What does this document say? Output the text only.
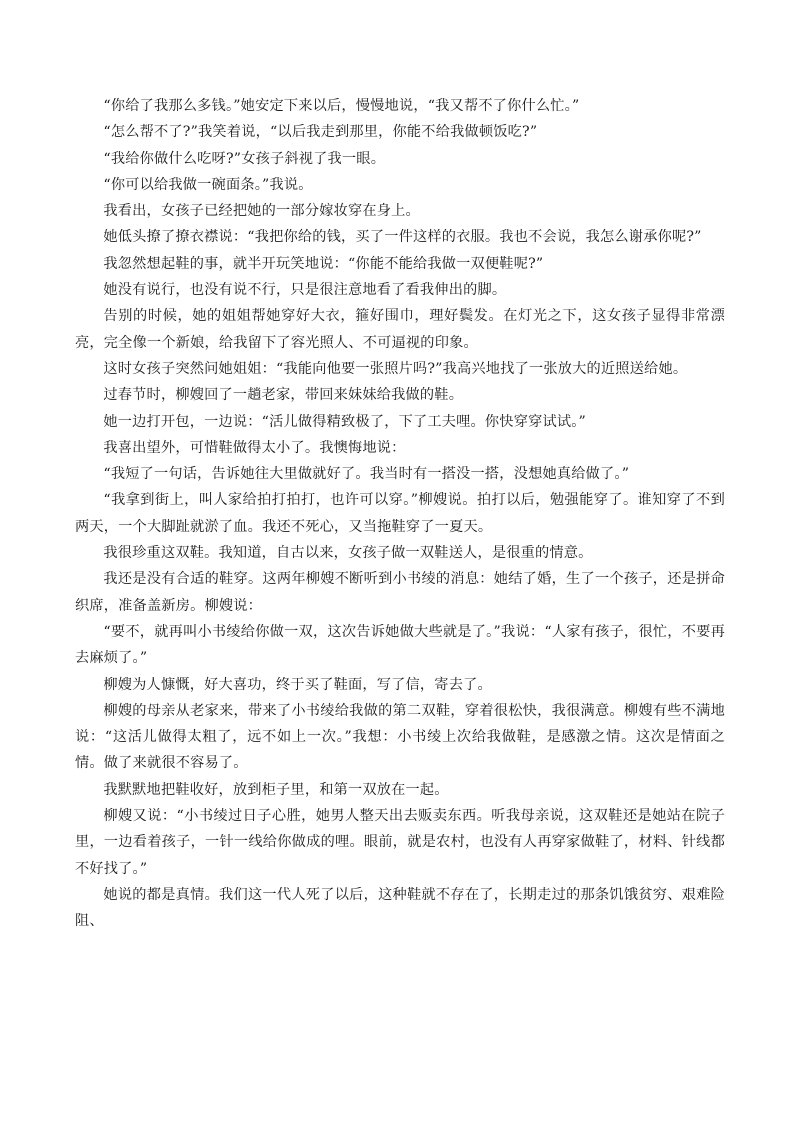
“你给了我那么多钱。”她安定下来以后，慢慢地说，“我又帮不了你什么忙。”

“怎么帮不了?”我笑着说，“以后我走到那里，你能不给我做顿饭吃?”

“我给你做什么吃呀?”女孩子斜视了我一眼。

“你可以给我做一碗面条。”我说。

我看出，女孩子已经把她的一部分嫁妆穿在身上。

她低头撩了撩衣襟说：“我把你给的钱，买了一件这样的衣服。我也不会说，我怎么谢承你呢?”

我忽然想起鞋的事，就半开玩笑地说：“你能不能给我做一双便鞋呢?”

她没有说行，也没有说不行，只是很注意地看了看我伸出的脚。

告别的时候，她的姐姐帮她穿好大衣，箍好围巾，理好鬓发。在灯光之下，这女孩子显得非常漂亮，完全像一个新娘，给我留下了容光照人、不可逼视的印象。

这时女孩子突然问她姐姐：“我能向他要一张照片吗?”我高兴地找了一张放大的近照送给她。

过春节时，柳嫂回了一趟老家，带回来妹妹给我做的鞋。

她一边打开包，一边说：“活儿做得精致极了，下了工夫哩。你快穿穿试试。”

我喜出望外，可惜鞋做得太小了。我懊悔地说：

“我短了一句话，告诉她往大里做就好了。我当时有一搭没一搭，没想她真给做了。”

“我拿到街上，叫人家给拍打拍打，也许可以穿。”柳嫂说。拍打以后，勉强能穿了。谁知穿了不到两天，一个大脚趾就淤了血。我还不死心，又当拖鞋穿了一夏天。

我很珍重这双鞋。我知道，自古以来，女孩子做一双鞋送人，是很重的情意。

我还是没有合适的鞋穿。这两年柳嫂不断听到小书绫的消息：她结了婚，生了一个孩子，还是拼命织席，准备盖新房。柳嫂说：

“要不，就再叫小书绫给你做一双，这次告诉她做大些就是了。”我说：“人家有孩子，很忙，不要再去麻烦了。”

柳嫂为人慷慨，好大喜功，终于买了鞋面，写了信，寄去了。

柳嫂的母亲从老家来，带来了小书绫给我做的第二双鞋，穿着很松快，我很满意。柳嫂有些不满地说：“这活儿做得太粗了，远不如上一次。”我想：小书绫上次给我做鞋，是感激之情。这次是情面之情。做了来就很不容易了。

我默默地把鞋收好，放到柜子里，和第一双放在一起。

柳嫂又说：“小书绫过日子心胜，她男人整天出去贩卖东西。听我母亲说，这双鞋还是她站在院子里，一边看着孩子，一针一线给你做成的哩。眼前，就是农村，也没有人再穿家做鞋了，材料、针线都不好找了。”

她说的都是真情。我们这一代人死了以后，这种鞋就不存在了，长期走过的那条饥饿贫穷、艰难险阻、
